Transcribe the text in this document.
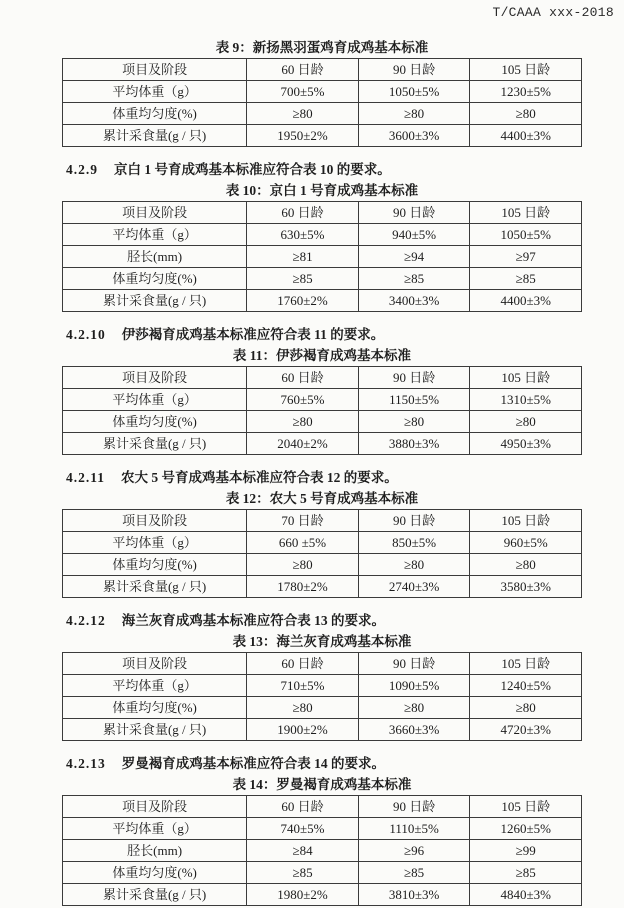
T/CAAA xxx-2018
表 9：新扬黑羽蛋鸡育成鸡基本标准
项目及阶段	60 日龄	90 日龄	105 日龄
平均体重（g）	700±5%	1050±5%	1230±5%
体重均匀度(%)	≥80	≥80	≥80
累计采食量(g / 只)	1950±2%	3600±3%	4400±3%
4.2.9 京白 1 号育成鸡基本标准应符合表 10 的要求。
表 10：京白 1 号育成鸡基本标准
项目及阶段	60 日龄	90 日龄	105 日龄
平均体重（g）	630±5%	940±5%	1050±5%
胫长(mm)	≥81	≥94	≥97
体重均匀度(%)	≥85	≥85	≥85
累计采食量(g / 只)	1760±2%	3400±3%	4400±3%
4.2.10 伊莎褐育成鸡基本标准应符合表 11 的要求。
表 11：伊莎褐育成鸡基本标准
项目及阶段	60 日龄	90 日龄	105 日龄
平均体重（g）	760±5%	1150±5%	1310±5%
体重均匀度(%)	≥80	≥80	≥80
累计采食量(g / 只)	2040±2%	3880±3%	4950±3%
4.2.11 农大 5 号育成鸡基本标准应符合表 12 的要求。
表 12：农大 5 号育成鸡基本标准
项目及阶段	70 日龄	90 日龄	105 日龄
平均体重（g）	660 ±5%	850±5%	960±5%
体重均匀度(%)	≥80	≥80	≥80
累计采食量(g / 只)	1780±2%	2740±3%	3580±3%
4.2.12 海兰灰育成鸡基本标准应符合表 13 的要求。
表 13：海兰灰育成鸡基本标准
项目及阶段	60 日龄	90 日龄	105 日龄
平均体重（g）	710±5%	1090±5%	1240±5%
体重均匀度(%)	≥80	≥80	≥80
累计采食量(g / 只)	1900±2%	3660±3%	4720±3%
4.2.13 罗曼褐育成鸡基本标准应符合表 14 的要求。
表 14：罗曼褐育成鸡基本标准
项目及阶段	60 日龄	90 日龄	105 日龄
平均体重（g）	740±5%	1110±5%	1260±5%
胫长(mm)	≥84	≥96	≥99
体重均匀度(%)	≥85	≥85	≥85
累计采食量(g / 只)	1980±2%	3810±3%	4840±3%
